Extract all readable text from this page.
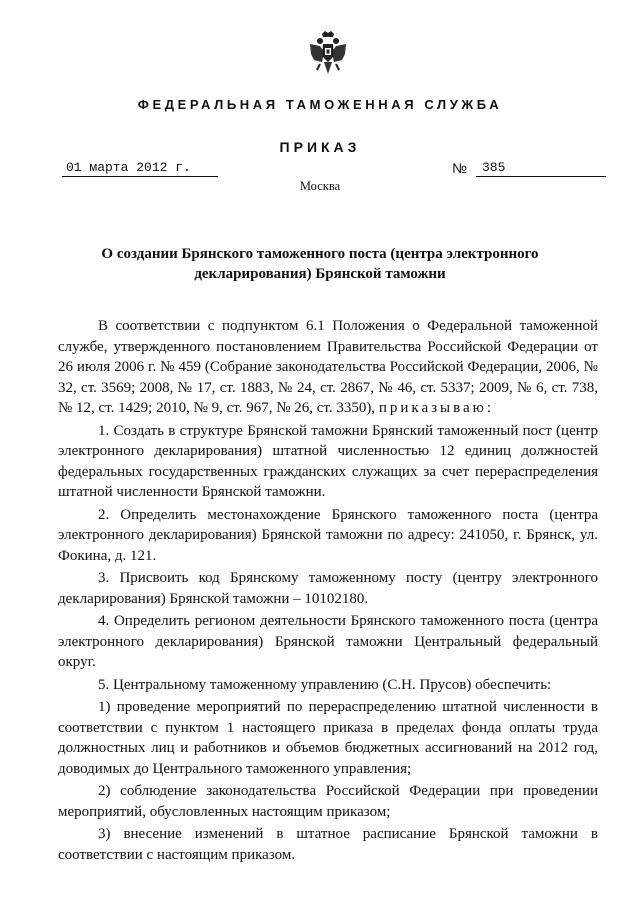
ФЕДЕРАЛЬНАЯ ТАМОЖЕННАЯ СЛУЖБА
ПРИКАЗ
01 марта 2012 г.	№	385
Москва
О создании Брянского таможенного поста (центра электронного
декларирования) Брянской таможни

В соответствии с подпунктом 6.1 Положения о Федеральной таможенной службе, утвержденного постановлением Правительства Российской Федерации от 26 июля 2006 г. № 459 (Собрание законодательства Российской Федерации, 2006, № 32, ст. 3569; 2008, № 17, ст. 1883, № 24, ст. 2867, № 46, ст. 5337; 2009, № 6, ст. 738, № 12, ст. 1429; 2010, № 9, ст. 967, № 26, ст. 3350), приказываю:

1. Создать в структуре Брянской таможни Брянский таможенный пост (центр электронного декларирования) штатной численностью 12 единиц должностей федеральных государственных гражданских служащих за счет перераспределения штатной численности Брянской таможни.

2. Определить местонахождение Брянского таможенного поста (центра электронного декларирования) Брянской таможни по адресу: 241050, г. Брянск, ул. Фокина, д. 121.

3. Присвоить код Брянскому таможенному посту (центру электронного декларирования) Брянской таможни – 10102180.

4. Определить регионом деятельности Брянского таможенного поста (центра электронного декларирования) Брянской таможни Центральный федеральный округ.

5. Центральному таможенному управлению (С.Н. Прусов) обеспечить:

1) проведение мероприятий по перераспределению штатной численности в соответствии с пунктом 1 настоящего приказа в пределах фонда оплаты труда должностных лиц и работников и объемов бюджетных ассигнований на 2012 год, доводимых до Центрального таможенного управления;

2) соблюдение законодательства Российской Федерации при проведении мероприятий, обусловленных настоящим приказом;

3) внесение изменений в штатное расписание Брянской таможни в соответствии с настоящим приказом.
